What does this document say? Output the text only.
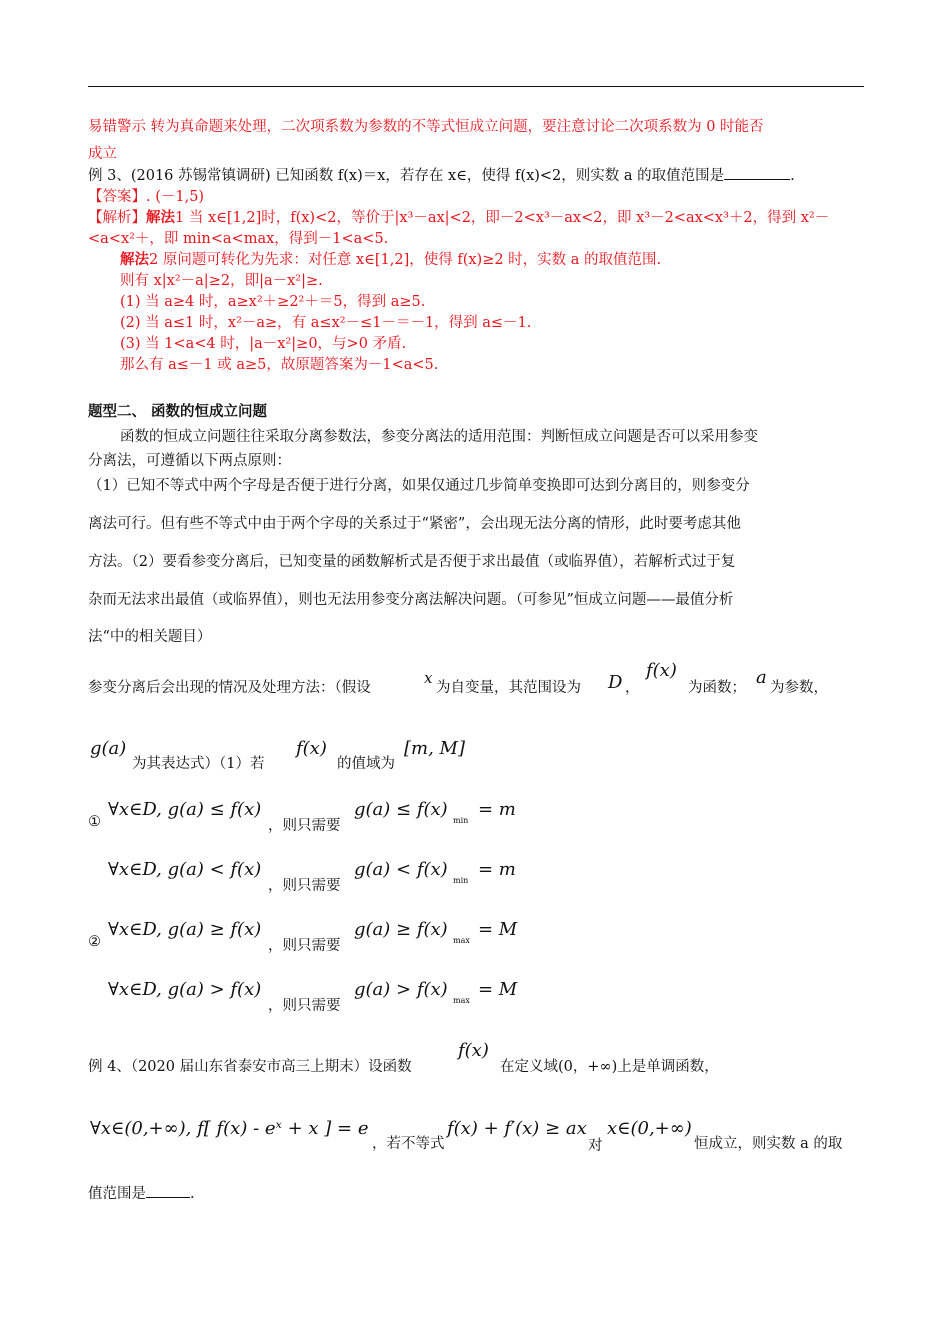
易错警示 转为真命题来处理，二次项系数为参数的不等式恒成立问题，要注意讨论二次项系数为 0 时能否
成立
例 3、(2016 苏锡常镇调研) 已知函数 f(x)＝x，若存在 x∈，使得 f(x)<2，则实数 a 的取值范围是	.
【答案】. (－1,5)
【解析】解法1 当 x∈[1,2]时，f(x)<2，等价于|x³－ax|<2，即－2<x³－ax<2，即 x³－2<ax<x³＋2，得到 x²－
<a<x²＋，即 min<a<max，得到－1<a<5.
解法2 原问题可转化为先求：对任意 x∈[1,2]，使得 f(x)≥2 时，实数 a 的取值范围.
则有 x|x²－a|≥2，即|a－x²|≥.
(1) 当 a≥4 时，a≥x²＋≥2²＋＝5，得到 a≥5.
(2) 当 a≤1 时，x²－a≥，有 a≤x²－≤1－＝－1，得到 a≤－1.
(3) 当 1<a<4 时，|a－x²|≥0，与>0 矛盾.
那么有 a≤－1 或 a≥5，故原题答案为－1<a<5.
题型二、 函数的恒成立问题
函数的恒成立问题往往采取分离参数法，参变分离法的适用范围：判断恒成立问题是否可以采用参变
分离法，可遵循以下两点原则：
（1）已知不等式中两个字母是否便于进行分离，如果仅通过几步简单变换即可达到分离目的，则参变分
离法可行。但有些不等式中由于两个字母的关系过于“紧密”，会出现无法分离的情形，此时要考虑其他
方法。（2）要看参变分离后，已知变量的函数解析式是否便于求出最值（或临界值），若解析式过于复
杂而无法求出最值（或临界值），则也无法用参变分离法解决问题。（可参见”恒成立问题——最值分析
法“中的相关题目）
参变分离后会出现的情况及处理方法：（假设
x
为自变量，其范围设为 D ，
f(x)
为函数； a 为参数，
g(a)
为其表达式）（1）若
f(x)
的值域为
[m, M]
①
∀x∈D, g(a) ≤ f(x)
，则只需要
g(a) ≤ f(x)
min
= m
∀x∈D, g(a) < f(x)
，则只需要
g(a) < f(x)
min
= m
②
∀x∈D, g(a) ≥ f(x)
，则只需要
g(a) ≥ f(x)
max
= M
∀x∈D, g(a) > f(x)
，则只需要
g(a) > f(x)
max
= M
例 4、（2020 届山东省泰安市高三上期末）设函数
f(x)
在定义域(0，+∞)上是单调函数，
∀x∈(0,+∞), f[ f(x) - eˣ + x ] = e
，若不等式
f(x) + f′(x) ≥ ax
对
x∈(0,+∞)
恒成立，则实数 a 的取
值范围是	.
